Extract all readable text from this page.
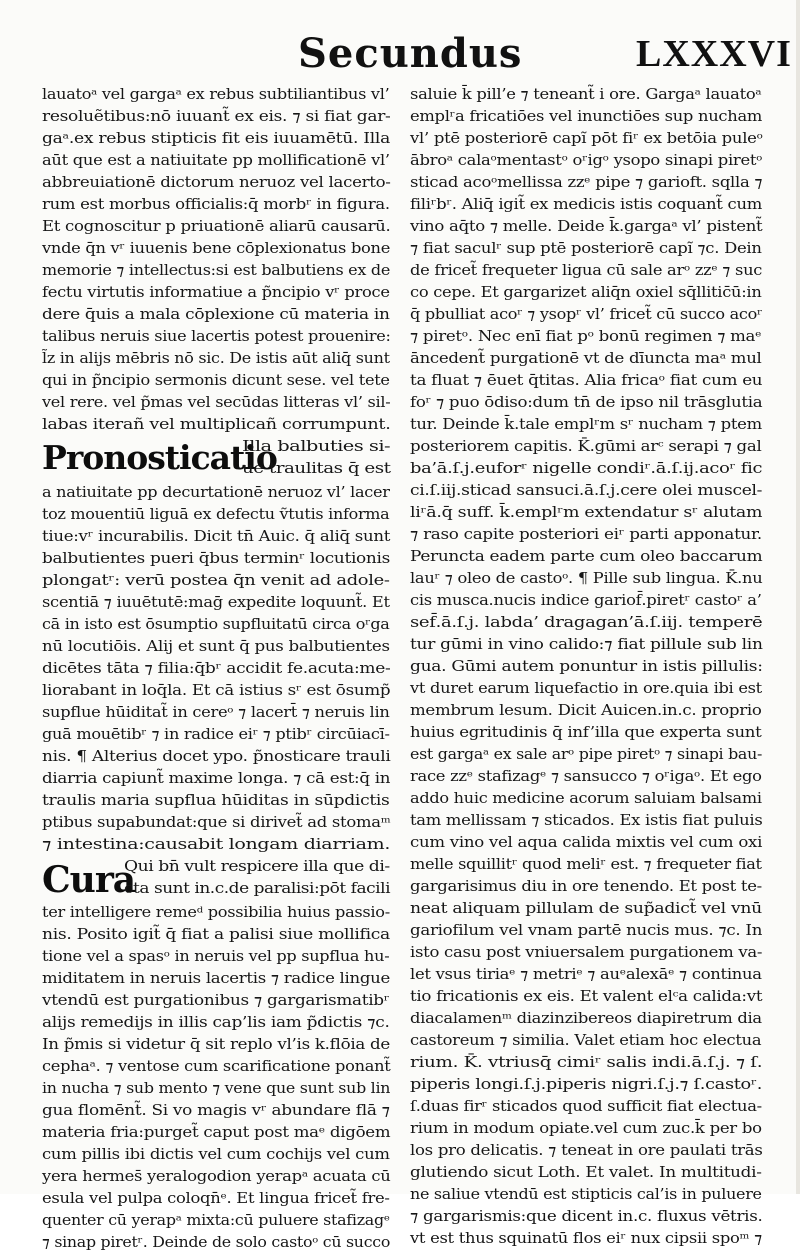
Secundus	LXXXVI
lauatoᵃ vel gargaᵃ ex rebus subtiliantibus vl’
resoluẽtibus:nō iuuant̃ ex eis. ⁊ si fiat gar-
gaᵃ.ex rebus stipticis fit eis iuuamētū. Illa
aūt que est a natiuitate pp mollificationē vl’
abbreuiationē dictorum neruoz vel lacerto-
rum est morbus officialis:q̄ morbʳ in figura.
Et cognoscitur p priuationē aliarū causarū.
vnde q̄n vʳ iuuenis bene cōplexionatus bone
memorie ⁊ intellectus:si est balbutiens ex de
fectu virtutis informatiue a p̃ncipio vʳ proce
dere q̄uis a mala cōplexione cū materia in
talibus neruis siue lacertis potest prouenire:
l̃z in alijs mēbris nō sic. De istis aūt aliq̄ sunt
qui in p̃ncipio sermonis dicunt sese. vel tete
vel rere. vel p̃mas vel secūdas litteras vl’ sil-
labas iterañ vel multiplicañ corrumpunt.
Pronosticatio
Illa balbuties si-
ue traulitas q̄ est
a natiuitate pp decurtationē neruoz vl’ lacer
toz mouentiū liguā ex defectu ṽtutis informa
tiue:vʳ incurabilis. Dicit tn̄ Auic. q̄ aliq̄ sunt
balbutientes pueri q̄bus terminʳ locutionis
plongatʳ: verū postea q̄n venit ad adole-
scentiā ⁊ iuuētutē:maḡ expedite loquunt̃. Et
cā in isto est ōsumptio supfluitatū circa oʳga
nū locutiōis. Alij et sunt q̄ pus balbutientes
dicētes tāta ⁊ filia:q̄bʳ accidit fe.acuta:me-
liorabant in loq̄la. Et cā istius sʳ est ōsump̃
supflue hūiditat̃ in cereᵒ ⁊ lacert̄ ⁊ neruis lin
guā mouētibʳ ⁊ in radice eiʳ ⁊ ptibʳ circūiacī-
nis. ¶ Alterius docet ypo. p̃nosticare trauli
diarria capiunt̃ maxime longa. ⁊ cā est:q̄ in
traulis maria supflua hūiditas in sūpdictis
ptibus supabundat:que si dirivet̃ ad stomaᵐ
⁊ intestina:causabit longam diarriam.
Cura
Qui bn̄ vult respicere illa que di-
cta sunt in.c.de paralisi:pōt facili
ter intelligere remeᵈ possibilia huius passio-
nis. Posito igit̃ q̄ fiat a palisi siue mollifica
tione vel a spasᵒ in neruis vel pp supflua hu-
miditatem in neruis lacertis ⁊ radice lingue
vtendū est purgationibus ⁊ gargarismatibʳ
alijs remedijs in illis cap’lis iam p̃dictis ⁊c.
In p̃mis si videtur q̄ sit replo vl’is k.flōia de
cephaᵃ. ⁊ ventose cum scarificatione ponant̃
in nucha ⁊ sub mento ⁊ vene que sunt sub lin
gua flomēnt̃. Si vo magis vʳ abundare flā ⁊
materia fria:purget̃ caput post maᵉ digōem
cum pillis ibi dictis vel cum cochijs vel cum
yera hermes̄ yeralogodion yerapᵃ acuata cū
esula vel pulpa coloqn̄ᵉ. Et lingua fricet̃ fre-
quenter cū yerapᵃ mixta:cū puluere stafizagᵉ
⁊ sinap piretʳ. Deinde de solo castoᵒ cū succo
saluie k̄ pill’e ⁊ teneant̃ i ore. Gargaᵃ lauatoᵃ
emplʳa fricatiōes vel inunctiōes sup nucham
vl’ ptē posteriorē capĩ pōt fiʳ ex betōia puleᵒ
ābroᵃ calaᵒmentastᵒ oʳigᵒ ysopo sinapi piretᵒ
sticad acoᵒmellissa zzᵉ pipe ⁊ garioft. sqlla ⁊
filiʳbʳ. Aliq̄ igit̃ ex medicis istis coquant̃ cum
vino aq̄to ⁊ melle. Deide k̄.gargaᵃ vl’ pistent̃
⁊ fiat saculʳ sup ptē posteriorē capĩ ⁊c. Dein
de fricet̃ frequeter ligua cū sale arᵒ zzᵉ ⁊ suc
co cepe. Et gargarizet aliq̄n oxiel sq̄llitic̄ū:in
q̄ pbulliat acoʳ ⁊ ysopʳ vl’ fricet̃ cū succo acoʳ
⁊ piretᵒ. Nec enī fiat pᵒ bonū regimen ⁊ maᵉ
āncedent̃ purgationē vt de dīuncta maᵃ mul
ta fluat ⁊ ēuet q̄titas. Alia fricaᵒ fiat cum eu
foʳ ⁊ puo ōdiso:dum tn̄ de ipso nil trāsglutia
tur. Deinde k̄.tale emplʳm sʳ nucham ⁊ ptem
posteriorem capitis. K̄.gūmi arᶜ serapi ⁊ gal
ba’ā.ſ.j.euforʳ nigelle condiʳ.ā.ſ.ij.acoʳ fic
ci.ſ.iij.sticad sansuci.ā.ſ.j.cere olei muscel-
liʳā.q̄ suff. k̄.emplʳm extendatur sʳ alutam
⁊ raso capite posteriori eiʳ parti apponatur.
Peruncta eadem parte cum oleo baccarum
lauʳ ⁊ oleo de castoᵒ. ¶ Pille sub lingua. K̄.nu
cis musca.nucis indice gariof̄.piretʳ castoʳ a’
sef̄.ā.ſ.j. labda’ dragagan’ā.ſ.iij. temperē
tur gūmi in vino calido:⁊ fiat pillule sub lin
gua. Gūmi autem ponuntur in istis pillulis:
vt duret earum liquefactio in ore.quia ibi est
membrum lesum. Dicit Auicen.in.c. proprio
huius egritudinis q̄ inf’illa que experta sunt
est gargaᵃ ex sale arᵒ pipe piretᵒ ⁊ sinapi bau-
race zzᵉ stafizagᵉ ⁊ sansucco ⁊ oʳigaᵒ. Et ego
addo huic medicine acorum saluiam balsami
tam mellissam ⁊ sticados. Ex istis fiat puluis
cum vino vel aqua calida mixtis vel cum oxi
melle squillitʳ quod meliʳ est. ⁊ frequeter fiat
gargarisimus diu in ore tenendo. Et post te-
neat aliquam pillulam de sup̃adict̃ vel vnū
gariofilum vel vnam partē nucis mus. ⁊c. In
isto casu post vniuersalem purgationem va-
let vsus tiriaᵉ ⁊ metriᵉ ⁊ auᵉalexāᵉ ⁊ continua
tio fricationis ex eis. Et valent elᶜa calida:vt
diacalamenᵐ diazinzibereos diapiretrum dia
castoreum ⁊ similia. Valet etiam hoc electua
rium. K̄. vtriusq̄ cimiʳ salis indi.ā.ſ.j. ⁊ ſ.
piperis longi.ſ.j.piperis nigri.ſ.j.⁊ ſ.castoʳ.
ſ.duas firʳ sticados quod sufficit fiat electua-
rium in modum opiate.vel cum zuc.k̄ per bo
los pro delicatis. ⁊ teneat in ore paulati trās
glutiendo sicut Loth. Et valet. In multitudi-
ne saliue vtendū est stipticis cal’is in puluere
⁊ gargarismis:que dicent in.c. fluxus vētris.
vt est thus squinatū flos eiʳ nux cipsii spoᵐ ⁊
